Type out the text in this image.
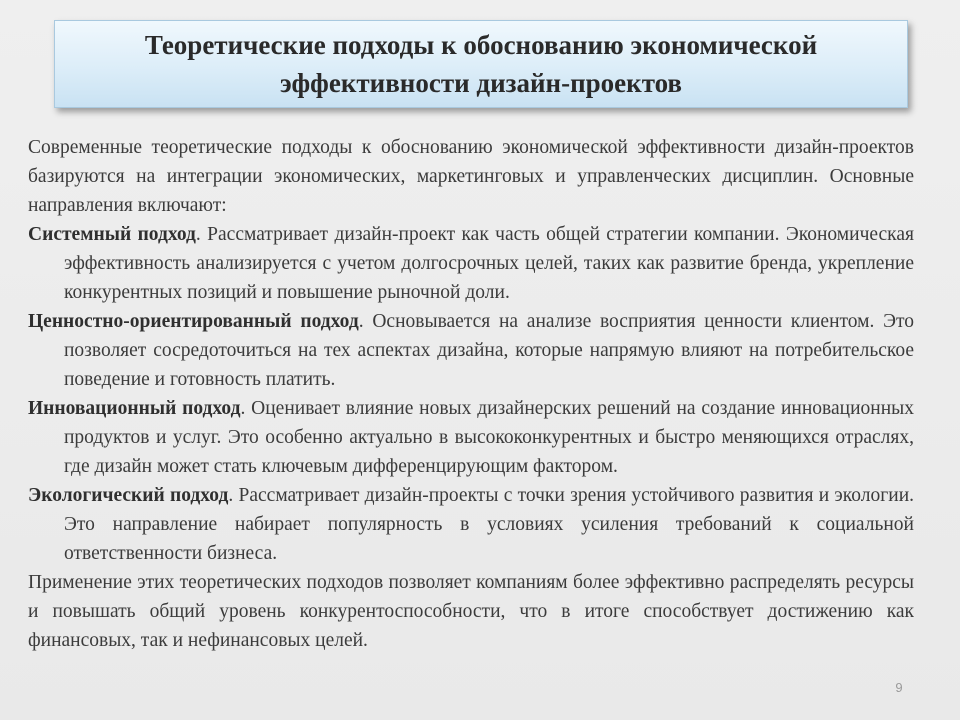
Теоретические подходы к обоснованию экономической
эффективности дизайн-проектов

Современные теоретические подходы к обоснованию экономической эффективности дизайн-проектов базируются на интеграции экономических, маркетинговых и управленческих дисциплин. Основные направления включают:

Системный подход. Рассматривает дизайн-проект как часть общей стратегии компании. Экономическая эффективность анализируется с учетом долгосрочных целей, таких как развитие бренда, укрепление конкурентных позиций и повышение рыночной доли.

Ценностно-ориентированный подход. Основывается на анализе восприятия ценности клиентом. Это позволяет сосредоточиться на тех аспектах дизайна, которые напрямую влияют на потребительское поведение и готовность платить.

Инновационный подход. Оценивает влияние новых дизайнерских решений на создание инновационных продуктов и услуг. Это особенно актуально в высококонкурентных и быстро меняющихся отраслях, где дизайн может стать ключевым дифференцирующим фактором.

Экологический подход. Рассматривает дизайн-проекты с точки зрения устойчивого развития и экологии. Это направление набирает популярность в условиях усиления требований к социальной ответственности бизнеса.

Применение этих теоретических подходов позволяет компаниям более эффективно распределять ресурсы и повышать общий уровень конкурентоспособности, что в итоге способствует достижению как финансовых, так и нефинансовых целей.

9
